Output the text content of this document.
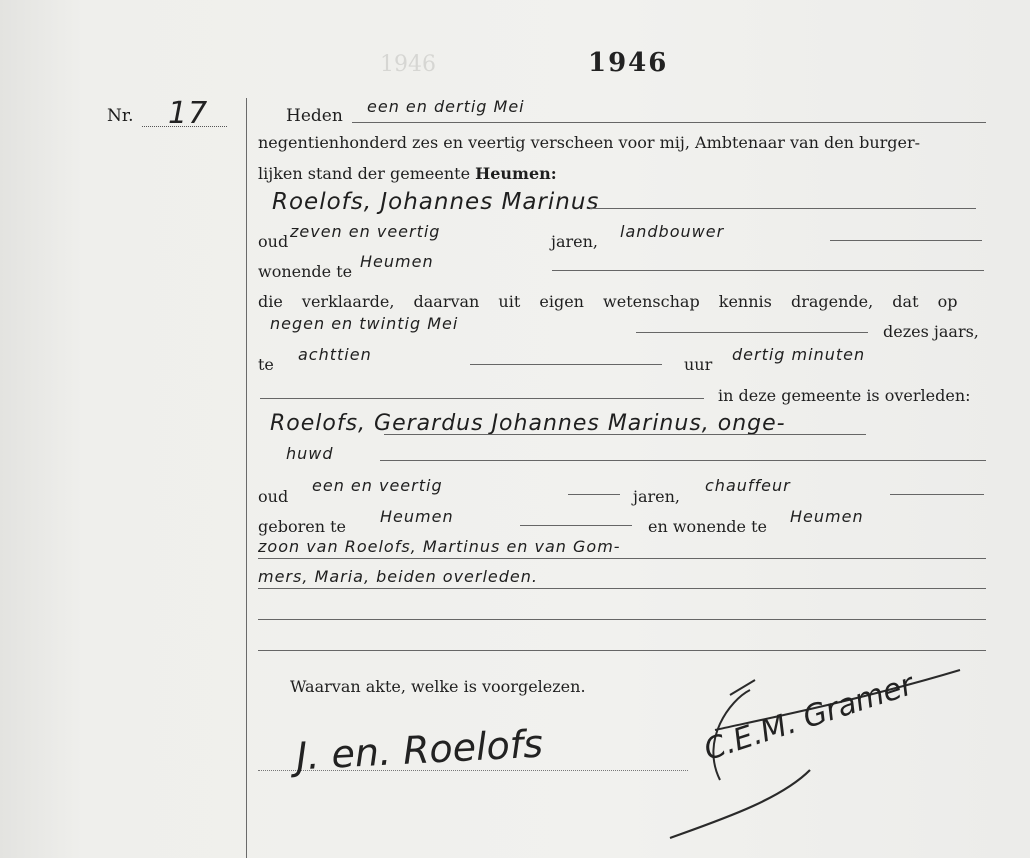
1946	1946
Nr. 17	Heden een en dertig Mei
negentienhonderd zes en veertig verscheen voor mij, Ambtenaar van den burger-
lijken stand der gemeente Heumen:
Roelofs, Johannes Marinus
oud
zeven en veertig
jaren,
landbouwer
wonende te
Heumen
die verklaarde, daarvan uit eigen wetenschap kennis dragende, dat op
negen en twintig Mei	dezes jaars,
te
achttien
uur
dertig minuten
in deze gemeente is overleden:
Roelofs, Gerardus Johannes Marinus, onge-
huwd
oud
een en veertig
jaren,
chauffeur
geboren te
Heumen
en wonende te
Heumen
zoon van Roelofs, Martinus en van Gom-
mers, Maria, beiden overleden.
Waarvan akte, welke is voorgelezen.
J. en. Roelofs	C.E.M. Gramer
